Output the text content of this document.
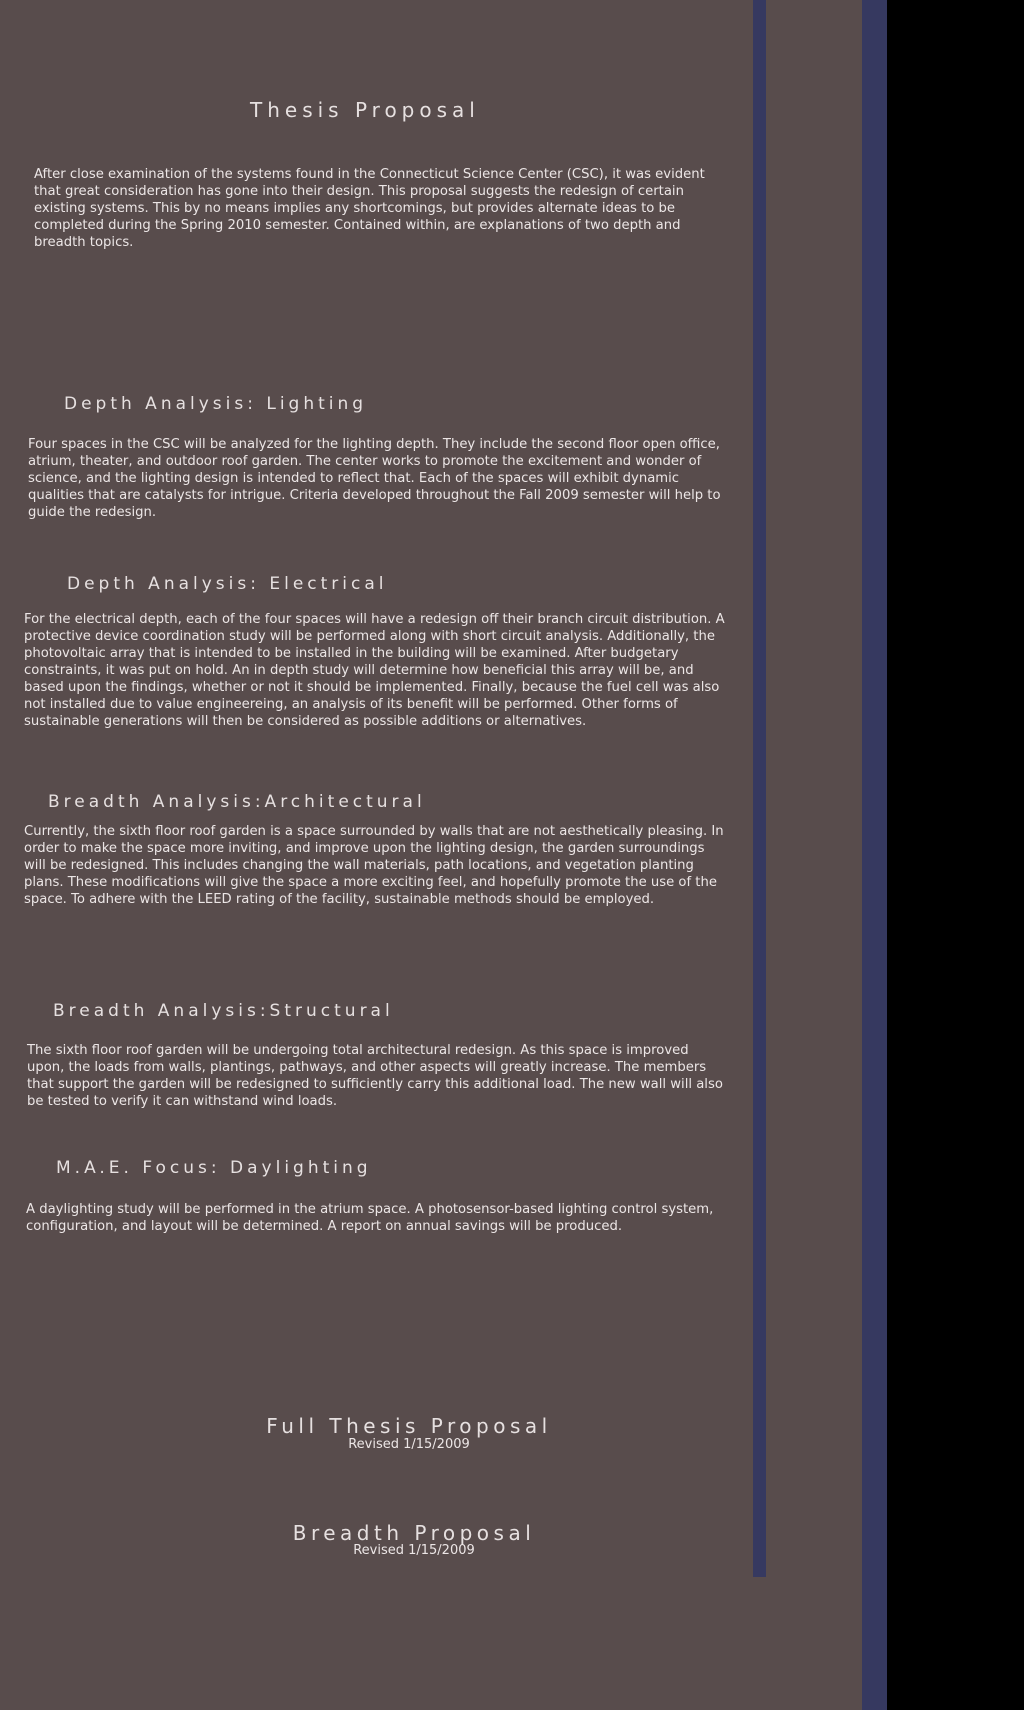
Thesis Proposal
After close examination of the systems found in the Connecticut Science Center (CSC), it was evident that great consideration has gone into their design. This proposal suggests the redesign of certain existing systems. This by no means implies any shortcomings, but provides alternate ideas to be completed during the Spring 2010 semester. Contained within, are explanations of two depth and breadth topics.
Depth Analysis: Lighting
Four spaces in the CSC will be analyzed for the lighting depth. They include the second floor open office, atrium, theater, and outdoor roof garden. The center works to promote the excitement and wonder of science, and the lighting design is intended to reflect that. Each of the spaces will exhibit dynamic qualities that are catalysts for intrigue. Criteria developed throughout the Fall 2009 semester will help to guide the redesign.
Depth Analysis: Electrical
For the electrical depth, each of the four spaces will have a redesign off their branch circuit distribution. A protective device coordination study will be performed along with short circuit analysis. Additionally, the photovoltaic array that is intended to be installed in the building will be examined. After budgetary constraints, it was put on hold. An in depth study will determine how beneficial this array will be, and based upon the findings, whether or not it should be implemented. Finally, because the fuel cell was also not installed due to value engineereing, an analysis of its benefit will be performed. Other forms of sustainable generations will then be considered as possible additions or alternatives.
Breadth Analysis:Architectural
Currently, the sixth floor roof garden is a space surrounded by walls that are not aesthetically pleasing. In order to make the space more inviting, and improve upon the lighting design, the garden surroundings will be redesigned. This includes changing the wall materials, path locations, and vegetation planting plans. These modifications will give the space a more exciting feel, and hopefully promote the use of the space. To adhere with the LEED rating of the facility, sustainable methods should be employed.
Breadth Analysis:Structural
The sixth floor roof garden will be undergoing total architectural redesign. As this space is improved upon, the loads from walls, plantings, pathways, and other aspects will greatly increase. The members that support the garden will be redesigned to sufficiently carry this additional load. The new wall will also be tested to verify it can withstand wind loads.
M.A.E. Focus: Daylighting
A daylighting study will be performed in the atrium space. A photosensor-based lighting control system, configuration, and layout will be determined. A report on annual savings will be produced.
Full Thesis Proposal
Revised 1/15/2009
Breadth Proposal
Revised 1/15/2009
